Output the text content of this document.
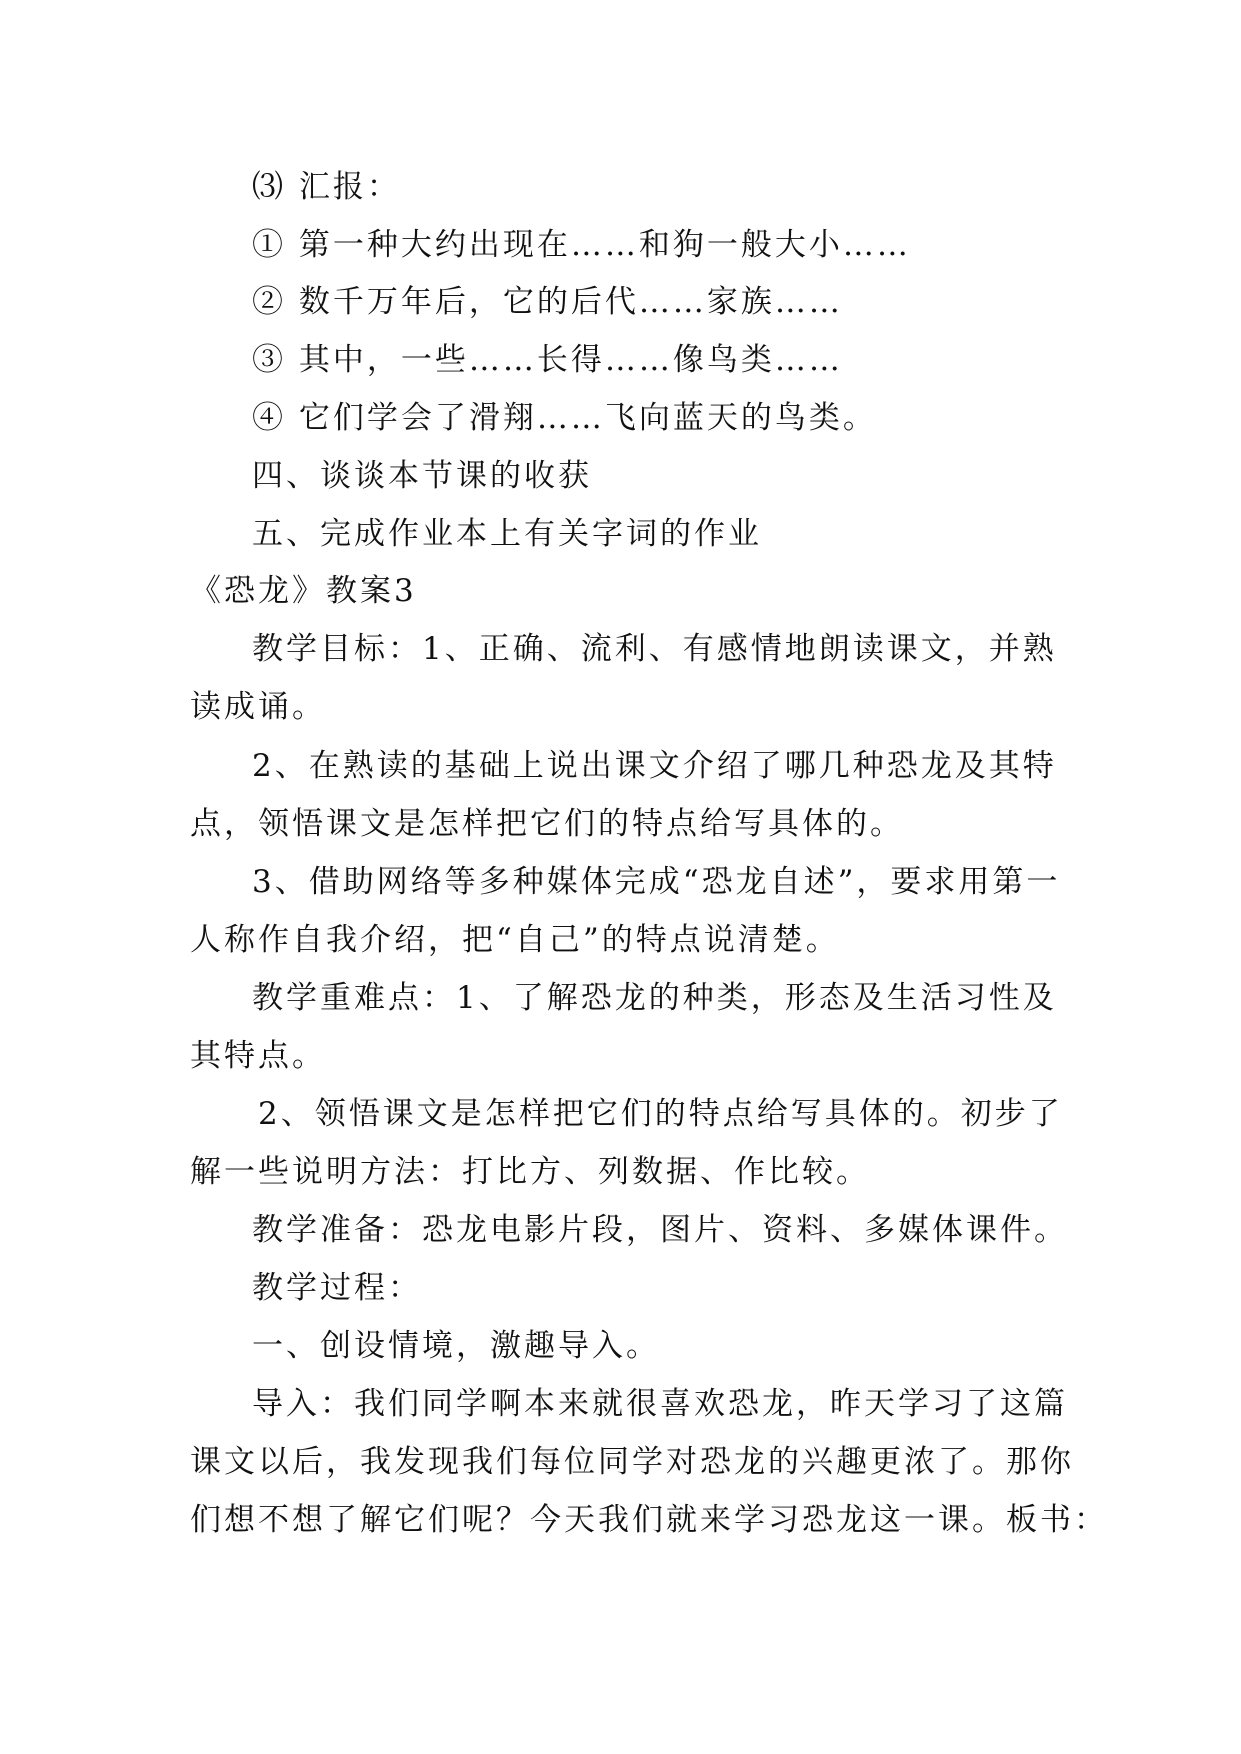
⑶ 汇报：
① 第一种大约出现在……和狗一般大小……
② 数千万年后，它的后代……家族……
③ 其中，一些……长得……像鸟类……
④ 它们学会了滑翔……飞向蓝天的鸟类。
四、谈谈本节课的收获
五、完成作业本上有关字词的作业
《恐龙》教案3
教学目标：1、正确、流利、有感情地朗读课文，并熟
读成诵。
2、在熟读的基础上说出课文介绍了哪几种恐龙及其特
点，领悟课文是怎样把它们的特点给写具体的。
3、借助网络等多种媒体完成“恐龙自述”，要求用第一
人称作自我介绍，把“自己”的特点说清楚。
教学重难点：1、了解恐龙的种类，形态及生活习性及
其特点。
2、领悟课文是怎样把它们的特点给写具体的。初步了
解一些说明方法：打比方、列数据、作比较。
教学准备：恐龙电影片段，图片、资料、多媒体课件。
教学过程：
一、创设情境，激趣导入。
导入：我们同学啊本来就很喜欢恐龙，昨天学习了这篇
课文以后，我发现我们每位同学对恐龙的兴趣更浓了。那你
们想不想了解它们呢？今天我们就来学习恐龙这一课。板书：
